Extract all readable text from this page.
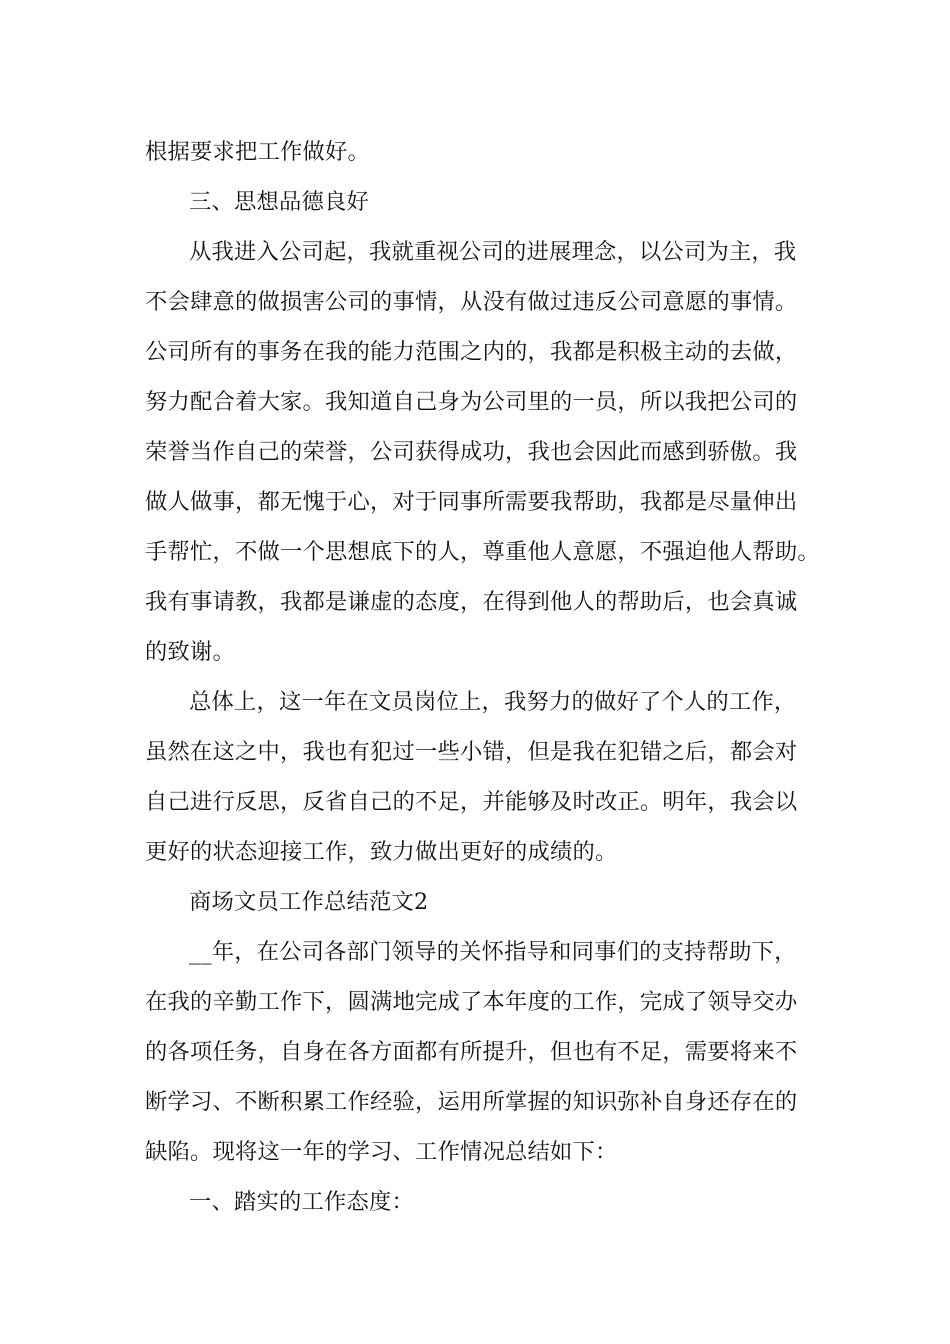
根据要求把工作做好。
三、思想品德良好
从我进入公司起，我就重视公司的进展理念，以公司为主，我
不会肆意的做损害公司的事情，从没有做过违反公司意愿的事情。
公司所有的事务在我的能力范围之内的，我都是积极主动的去做，
努力配合着大家。我知道自己身为公司里的一员，所以我把公司的
荣誉当作自己的荣誉，公司获得成功，我也会因此而感到骄傲。我
做人做事，都无愧于心，对于同事所需要我帮助，我都是尽量伸出
手帮忙，不做一个思想底下的人，尊重他人意愿，不强迫他人帮助。
我有事请教，我都是谦虚的态度，在得到他人的帮助后，也会真诚
的致谢。
总体上，这一年在文员岗位上，我努力的做好了个人的工作，
虽然在这之中，我也有犯过一些小错，但是我在犯错之后，都会对
自己进行反思，反省自己的不足，并能够及时改正。明年，我会以
更好的状态迎接工作，致力做出更好的成绩的。
商场文员工作总结范文2
__年，在公司各部门领导的关怀指导和同事们的支持帮助下，
在我的辛勤工作下，圆满地完成了本年度的工作，完成了领导交办
的各项任务，自身在各方面都有所提升，但也有不足，需要将来不
断学习、不断积累工作经验，运用所掌握的知识弥补自身还存在的
缺陷。现将这一年的学习、工作情况总结如下：
一、踏实的工作态度：
